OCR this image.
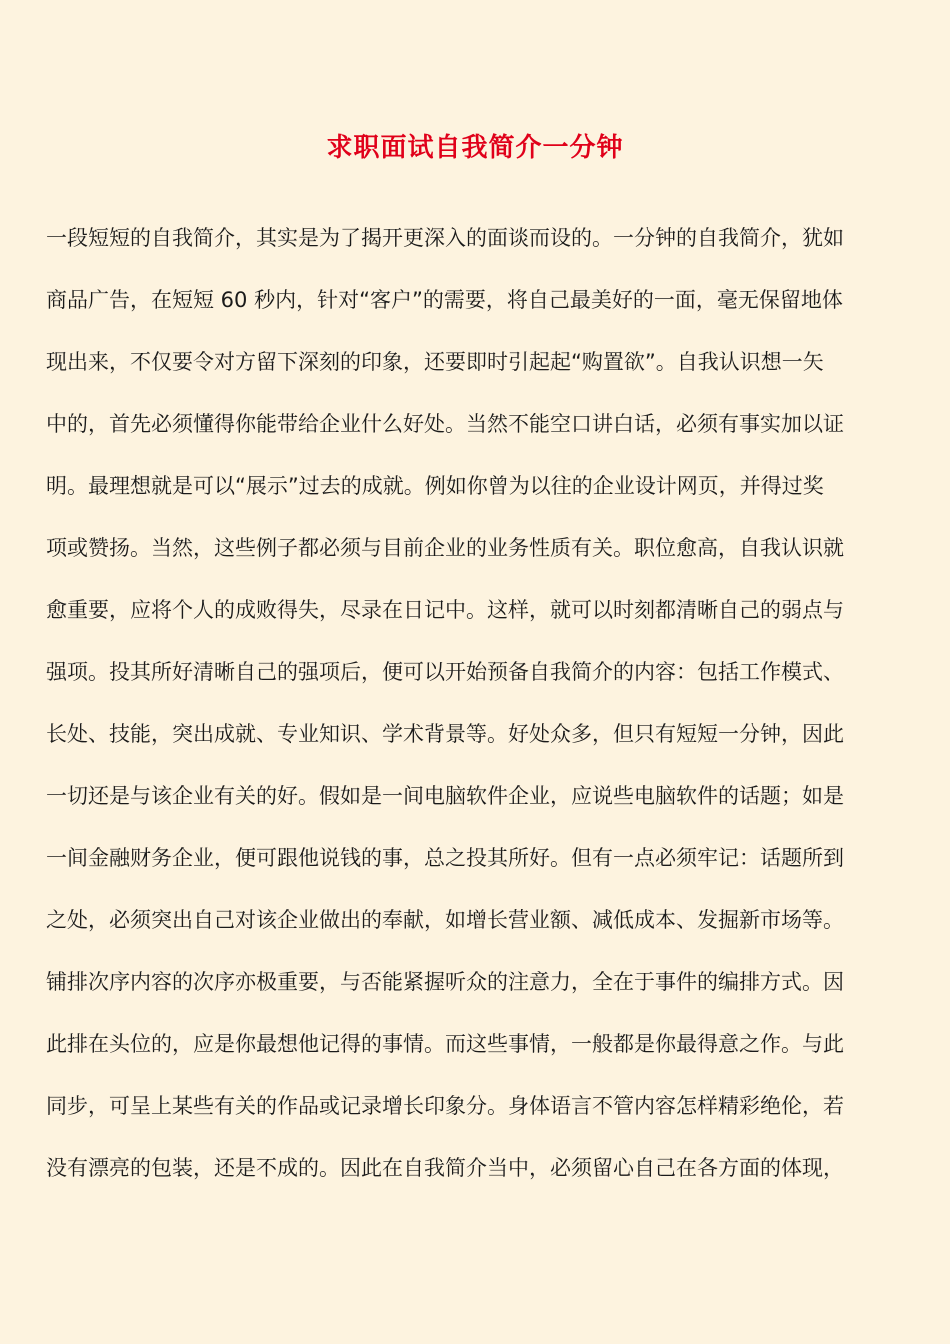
求职面试自我简介一分钟
一段短短的自我简介，其实是为了揭开更深入的面谈而设的。一分钟的自我简介，犹如
商品广告，在短短 60 秒内，针对“客户”的需要，将自己最美好的一面，毫无保留地体
现出来，不仅要令对方留下深刻的印象，还要即时引起起“购置欲”。自我认识想一矢
中的，首先必须懂得你能带给企业什么好处。当然不能空口讲白话，必须有事实加以证
明。最理想就是可以“展示”过去的成就。例如你曾为以往的企业设计网页，并得过奖
项或赞扬。当然，这些例子都必须与目前企业的业务性质有关。职位愈高，自我认识就
愈重要，应将个人的成败得失，尽录在日记中。这样，就可以时刻都清晰自己的弱点与
强项。投其所好清晰自己的强项后，便可以开始预备自我简介的内容：包括工作模式、
长处、技能，突出成就、专业知识、学术背景等。好处众多，但只有短短一分钟，因此
一切还是与该企业有关的好。假如是一间电脑软件企业，应说些电脑软件的话题；如是
一间金融财务企业，便可跟他说钱的事，总之投其所好。但有一点必须牢记：话题所到
之处，必须突出自己对该企业做出的奉献，如增长营业额、减低成本、发掘新市场等。
铺排次序内容的次序亦极重要，与否能紧握听众的注意力，全在于事件的编排方式。因
此排在头位的，应是你最想他记得的事情。而这些事情，一般都是你最得意之作。与此
同步，可呈上某些有关的作品或记录增长印象分。身体语言不管内容怎样精彩绝伦，若
没有漂亮的包装，还是不成的。因此在自我简介当中，必须留心自己在各方面的体现，
